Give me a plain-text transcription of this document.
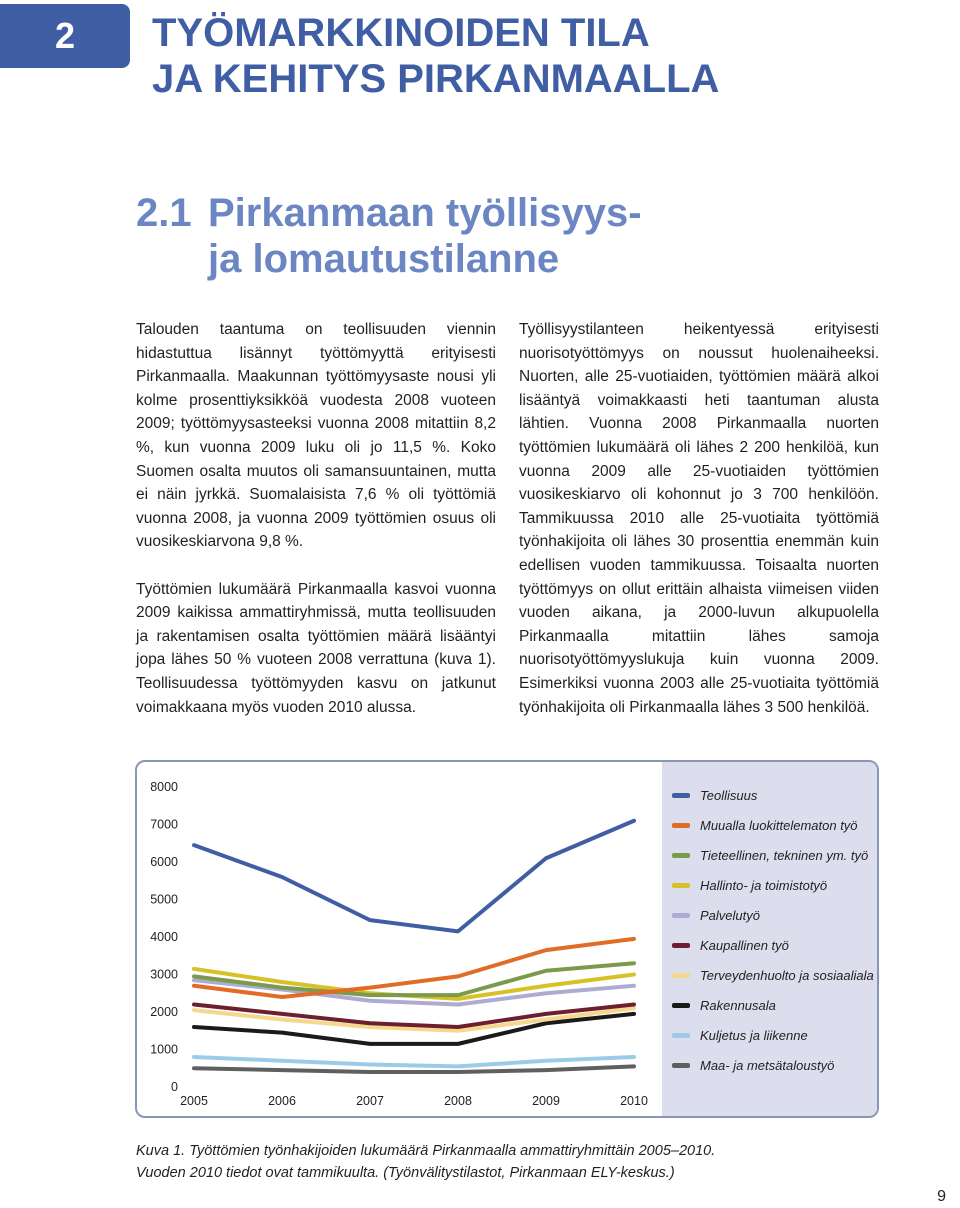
2 TYÖMARKKINOIDEN TILA
JA KEHITYS PIRKANMAALLA
2.1 Pirkanmaan työllisyys-
ja lomautustilanne

Talouden taantuma on teollisuuden viennin hidastuttua lisännyt työttömyyttä erityisesti Pirkanmaalla. Maakunnan työttömyysaste nousi yli kolme prosenttiyksikköä vuodesta 2008 vuoteen 2009; työttömyysasteeksi vuonna 2008 mitattiin 8,2 %, kun vuonna 2009 luku oli jo 11,5 %. Koko Suomen osalta muutos oli samansuuntainen, mutta ei näin jyrkkä. Suomalaisista 7,6 % oli työttömiä vuonna 2008, ja vuonna 2009 työttömien osuus oli vuosikeskiarvona 9,8 %.

Työttömien lukumäärä Pirkanmaalla kasvoi vuonna 2009 kaikissa ammattiryhmissä, mutta teollisuuden ja rakentamisen osalta työttömien määrä lisääntyi jopa lähes 50 % vuoteen 2008 verrattuna (kuva 1). Teollisuudessa työttömyyden kasvu on jatkunut voimakkaana myös vuoden 2010 alussa.

Työllisyystilanteen heikentyessä erityisesti nuorisotyöttömyys on noussut huolenaiheeksi. Nuorten, alle 25-vuotiaiden, työttömien määrä alkoi lisääntyä voimakkaasti heti taantuman alusta lähtien. Vuonna 2008 Pirkanmaalla nuorten työttömien lukumäärä oli lähes 2 200 henkilöä, kun vuonna 2009 alle 25-vuotiaiden työttömien vuosikeskiarvo oli kohonnut jo 3 700 henkilöön. Tammikuussa 2010 alle 25-vuotiaita työttömiä työnhakijoita oli lähes 30 prosenttia enemmän kuin edellisen vuoden tammikuussa. Toisaalta nuorten työttömyys on ollut erittäin alhaista viimeisen viiden vuoden aikana, ja 2000-luvun alkupuolella Pirkanmaalla mitattiin lähes samoja nuorisotyöttömyyslukuja kuin vuonna 2009. Esimerkiksi vuonna 2003 alle 25-vuotiaita työttömiä työnhakijoita oli Pirkanmaalla lähes 3 500 henkilöä.

0
1000
2000
3000
4000
5000
6000
7000
8000
2005	2006	2007	2008	2009	2010
Teollisuus
Muualla luokittelematon työ
Tieteellinen, tekninen ym. työ
Hallinto- ja toimistotyö
Palvelutyö
Kaupallinen työ
Terveydenhuolto ja sosiaaliala
Rakennusala
Kuljetus ja liikenne
Maa- ja metsätaloustyö
Kuva 1. Työttömien työnhakijoiden lukumäärä Pirkanmaalla ammattiryhmittäin 2005–2010.
Vuoden 2010 tiedot ovat tammikuulta. (Työnvälitystilastot, Pirkanmaan ELY-keskus.)
9
